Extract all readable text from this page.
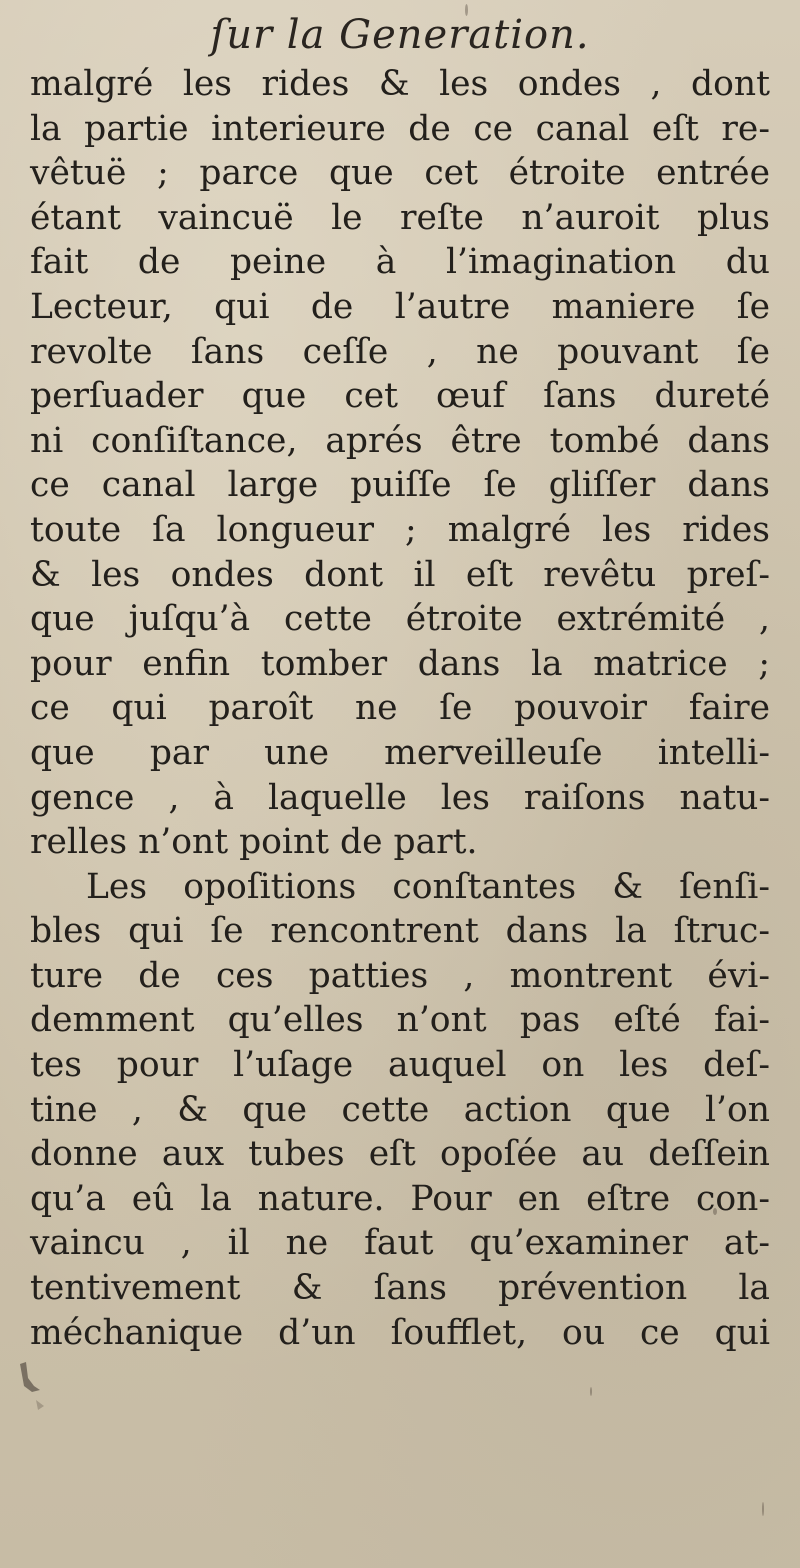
ſur la Generation.
malgré les rides & les ondes , dont
la partie interieure de ce canal eſt re-
vêtuë ; parce que cet étroite entrée
étant vaincuë le reſte n’auroit plus
fait de peine à l’imagination du
Lecteur, qui de l’autre maniere ſe
revolte ſans ceſſe , ne pouvant ſe
perſuader que cet œuf ſans dureté
ni conſiſtance, aprés être tombé dans
ce canal large puiſſe ſe gliſſer dans
toute ſa longueur ; malgré les rides
& les ondes dont il eſt revêtu preſ-
que juſqu’à cette étroite extrémité ,
pour enfin tomber dans la matrice ;
ce qui paroît ne ſe pouvoir faire
que par une merveilleuſe intelli-
gence , à laquelle les raiſons natu-
relles n’ont point de part.
Les opoſitions conſtantes & ſenſi-
bles qui ſe rencontrent dans la ſtruc-
ture de ces patties , montrent évi-
demment qu’elles n’ont pas eſté fai-
tes pour l’uſage auquel on les deſ-
tine , & que cette action que l’on
donne aux tubes eſt opoſée au deſſein
qu’a eû la nature. Pour en eſtre con-
vaincu , il ne faut qu’examiner at-
tentivement & ſans prévention la
méchanique d’un ſoufflet, ou ce qui
